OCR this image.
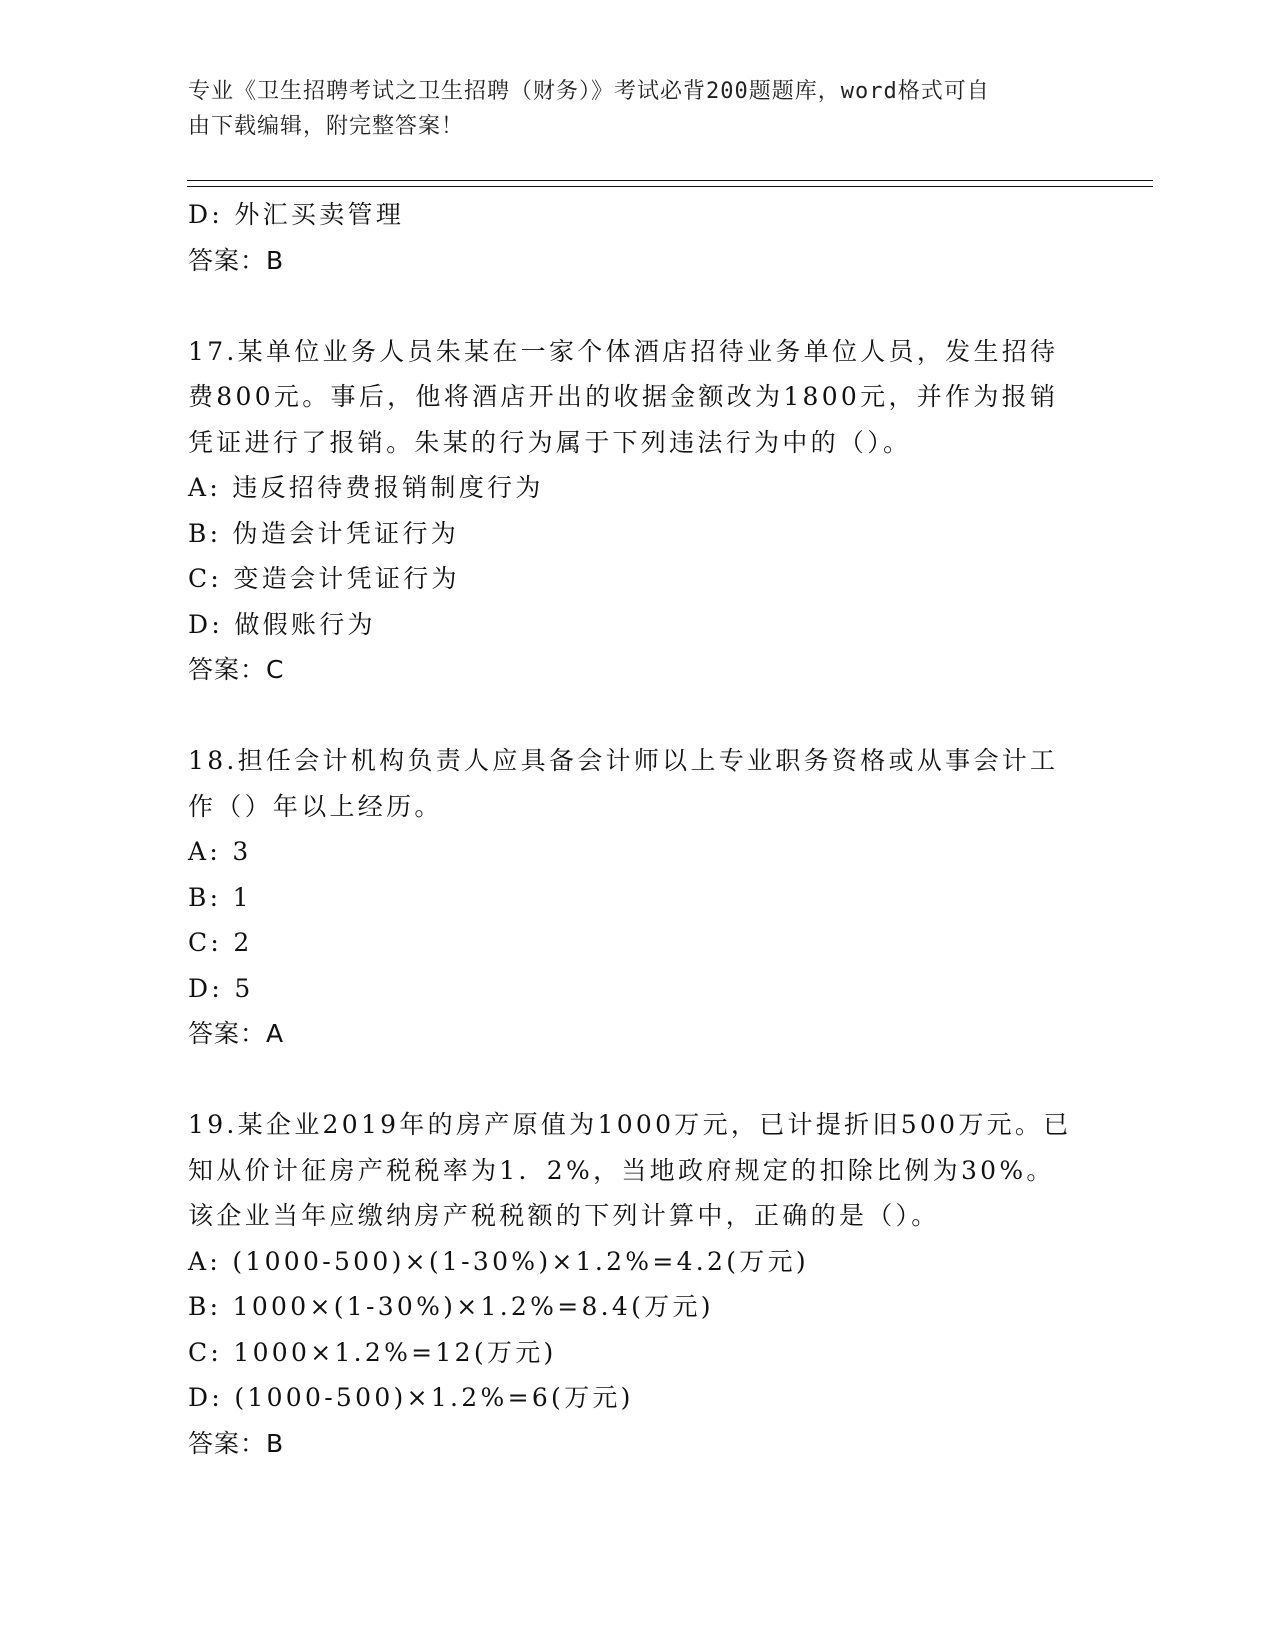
专业《卫生招聘考试之卫生招聘（财务）》考试必背200题题库，word格式可自
由下载编辑，附完整答案！
D: 外汇买卖管理
答案：B
17.某单位业务人员朱某在一家个体酒店招待业务单位人员，发生招待
费800元。事后，他将酒店开出的收据金额改为1800元，并作为报销
凭证进行了报销。朱某的行为属于下列违法行为中的（）。
A: 违反招待费报销制度行为
B: 伪造会计凭证行为
C: 变造会计凭证行为
D: 做假账行为
答案：C
18.担任会计机构负责人应具备会计师以上专业职务资格或从事会计工
作（）年以上经历。
A: 3
B: 1
C: 2
D: 5
答案：A
19.某企业2019年的房产原值为1000万元，已计提折旧500万元。已
知从价计征房产税税率为1．2%，当地政府规定的扣除比例为30%。
该企业当年应缴纳房产税税额的下列计算中，正确的是（）。
A: (1000-500)×(1-30%)×1.2%=4.2(万元)
B: 1000×(1-30%)×1.2%=8.4(万元)
C: 1000×1.2%=12(万元)
D: (1000-500)×1.2%=6(万元)
答案：B
